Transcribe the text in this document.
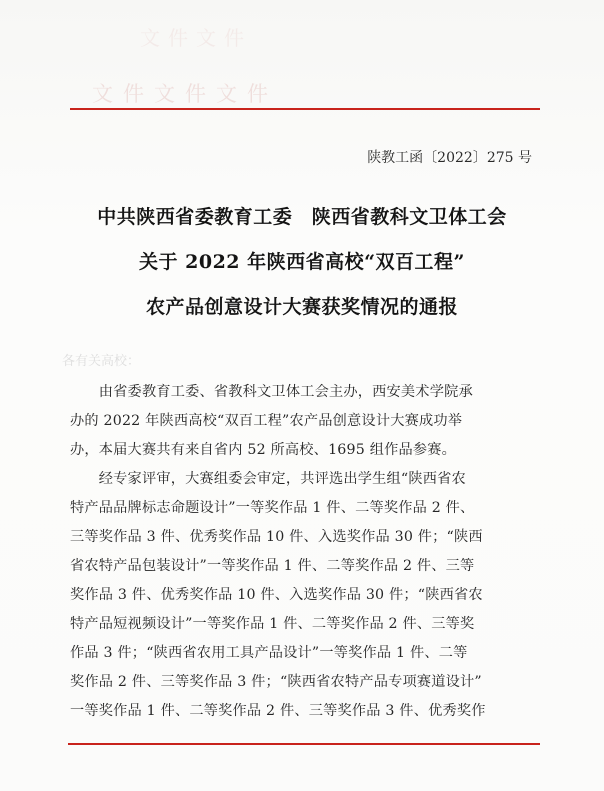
文件文件
文件文件文件
陕教工函〔2022〕275 号
中共陕西省委教育工委　陕西省教科文卫体工会
关于 2022 年陕西省高校“双百工程”
农产品创意设计大赛获奖情况的通报
各有关高校：
　　由省委教育工委、省教科文卫体工会主办，西安美术学院承
办的 2022 年陕西高校“双百工程”农产品创意设计大赛成功举
办，本届大赛共有来自省内 52 所高校、1695 组作品参赛。
　　经专家评审，大赛组委会审定，共评选出学生组“陕西省农
特产品品牌标志命题设计”一等奖作品 1 件、二等奖作品 2 件、
三等奖作品 3 件、优秀奖作品 10 件、入选奖作品 30 件；“陕西
省农特产品包装设计”一等奖作品 1 件、二等奖作品 2 件、三等
奖作品 3 件、优秀奖作品 10 件、入选奖作品 30 件；“陕西省农
特产品短视频设计”一等奖作品 1 件、二等奖作品 2 件、三等奖
作品 3 件；“陕西省农用工具产品设计”一等奖作品 1 件、二等
奖作品 2 件、三等奖作品 3 件；“陕西省农特产品专项赛道设计”
一等奖作品 1 件、二等奖作品 2 件、三等奖作品 3 件、优秀奖作
